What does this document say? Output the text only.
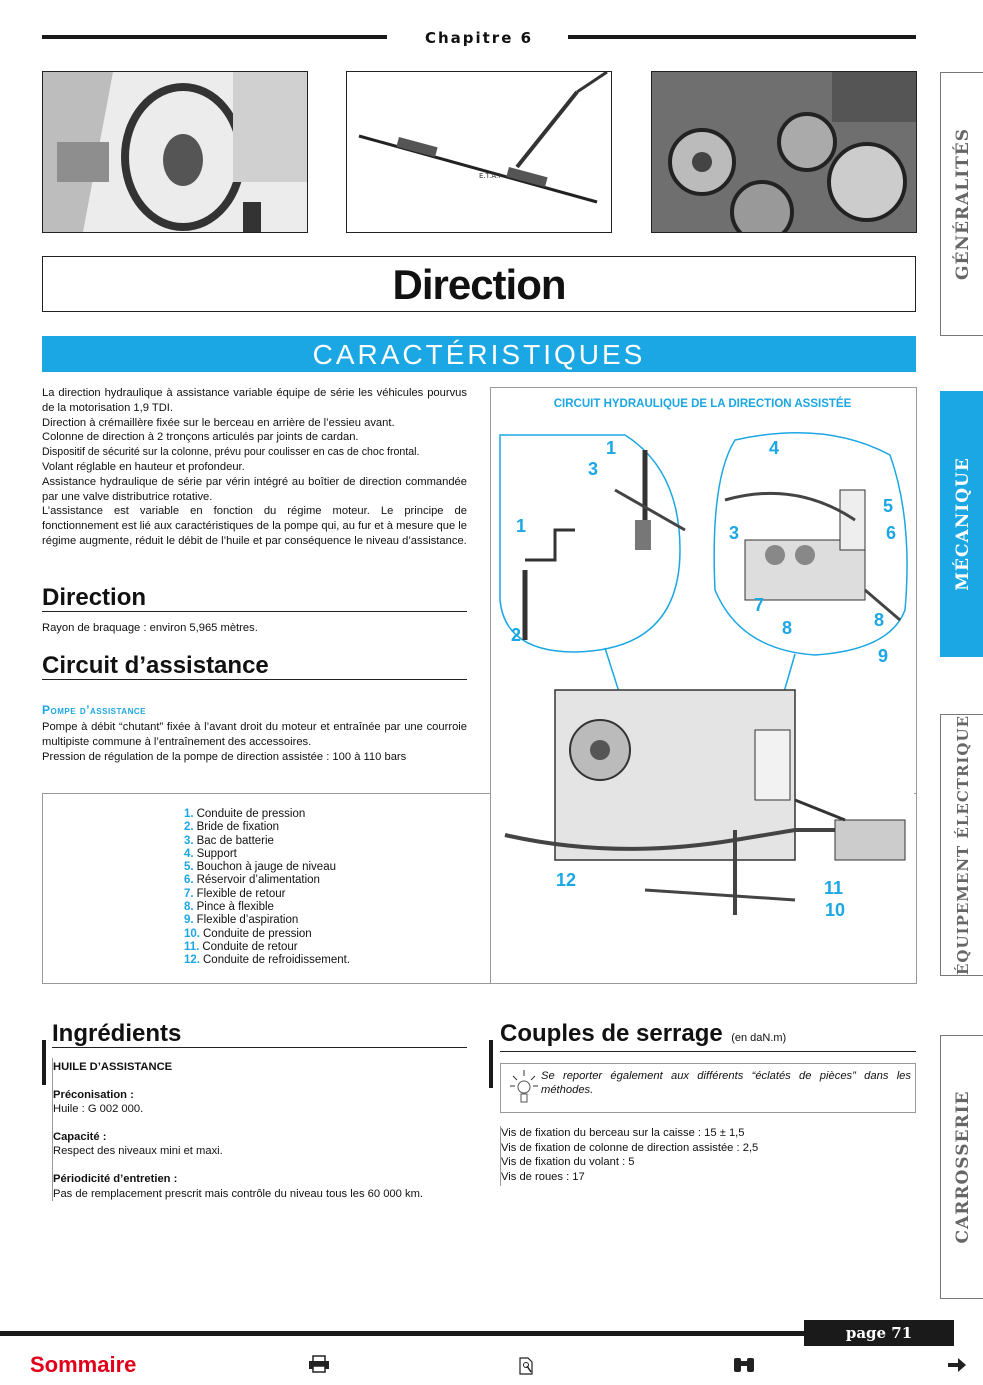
Chapitre 6
E.T.A.I
Direction
CARACTÉRISTIQUES
La direction hydraulique à assistance variable équipe de série les véhicules pourvus de la motorisation 1,9 TDI.
Direction à crémaillère fixée sur le berceau en arrière de l’essieu avant.
Colonne de direction à 2 tronçons articulés par joints de cardan.
Dispositif de sécurité sur la colonne, prévu pour coulisser en cas de choc frontal.
Volant réglable en hauteur et profondeur.
Assistance hydraulique de série par vérin intégré au boîtier de direction commandée par une valve distributrice rotative.
L’assistance est variable en fonction du régime moteur. Le principe de fonctionnement est lié aux caractéristiques de la pompe qui, au fur et à mesure que le régime augmente, réduit le débit de l’huile et par conséquence le niveau d’assistance.
Direction
Rayon de braquage : environ 5,965 mètres.
Circuit d’assistance
Pompe d’assistance
Pompe à débit “chutant” fixée à l’avant droit du moteur et entraînée par une courroie multipiste commune à l’entraînement des accessoires.
Pression de régulation de la pompe de direction assistée : 100 à 110 bars
CIRCUIT HYDRAULIQUE DE LA DIRECTION ASSISTÉE
1
3
1
2
4
3
5
6
7
8	8
9
12	11
10
1. Conduite de pression
2. Bride de fixation
3. Bac de batterie
4. Support
5. Bouchon à jauge de niveau
6. Réservoir d’alimentation
7. Flexible de retour
8. Pince à flexible
9. Flexible d’aspiration
10. Conduite de pression
11. Conduite de retour
12. Conduite de refroidissement.
Ingrédients
HUILE D’ASSISTANCE
Préconisation :
Huile : G 002 000.
Capacité :
Respect des niveaux mini et maxi.
Périodicité d’entretien :
Pas de remplacement prescrit mais contrôle du niveau tous les 60 000 km.
Couples de serrage (en daN.m)
Se reporter également aux différents “éclatés de pièces” dans les méthodes.
Vis de fixation du berceau sur la caisse : 15 ± 1,5
Vis de fixation de colonne de direction assistée : 2,5
Vis de fixation du volant : 5
Vis de roues : 17
GÉNÉRALITÉS
MÉCANIQUE
ÉQUIPEMENT ÉLECTRIQUE
CARROSSERIE
page 71
Sommaire
